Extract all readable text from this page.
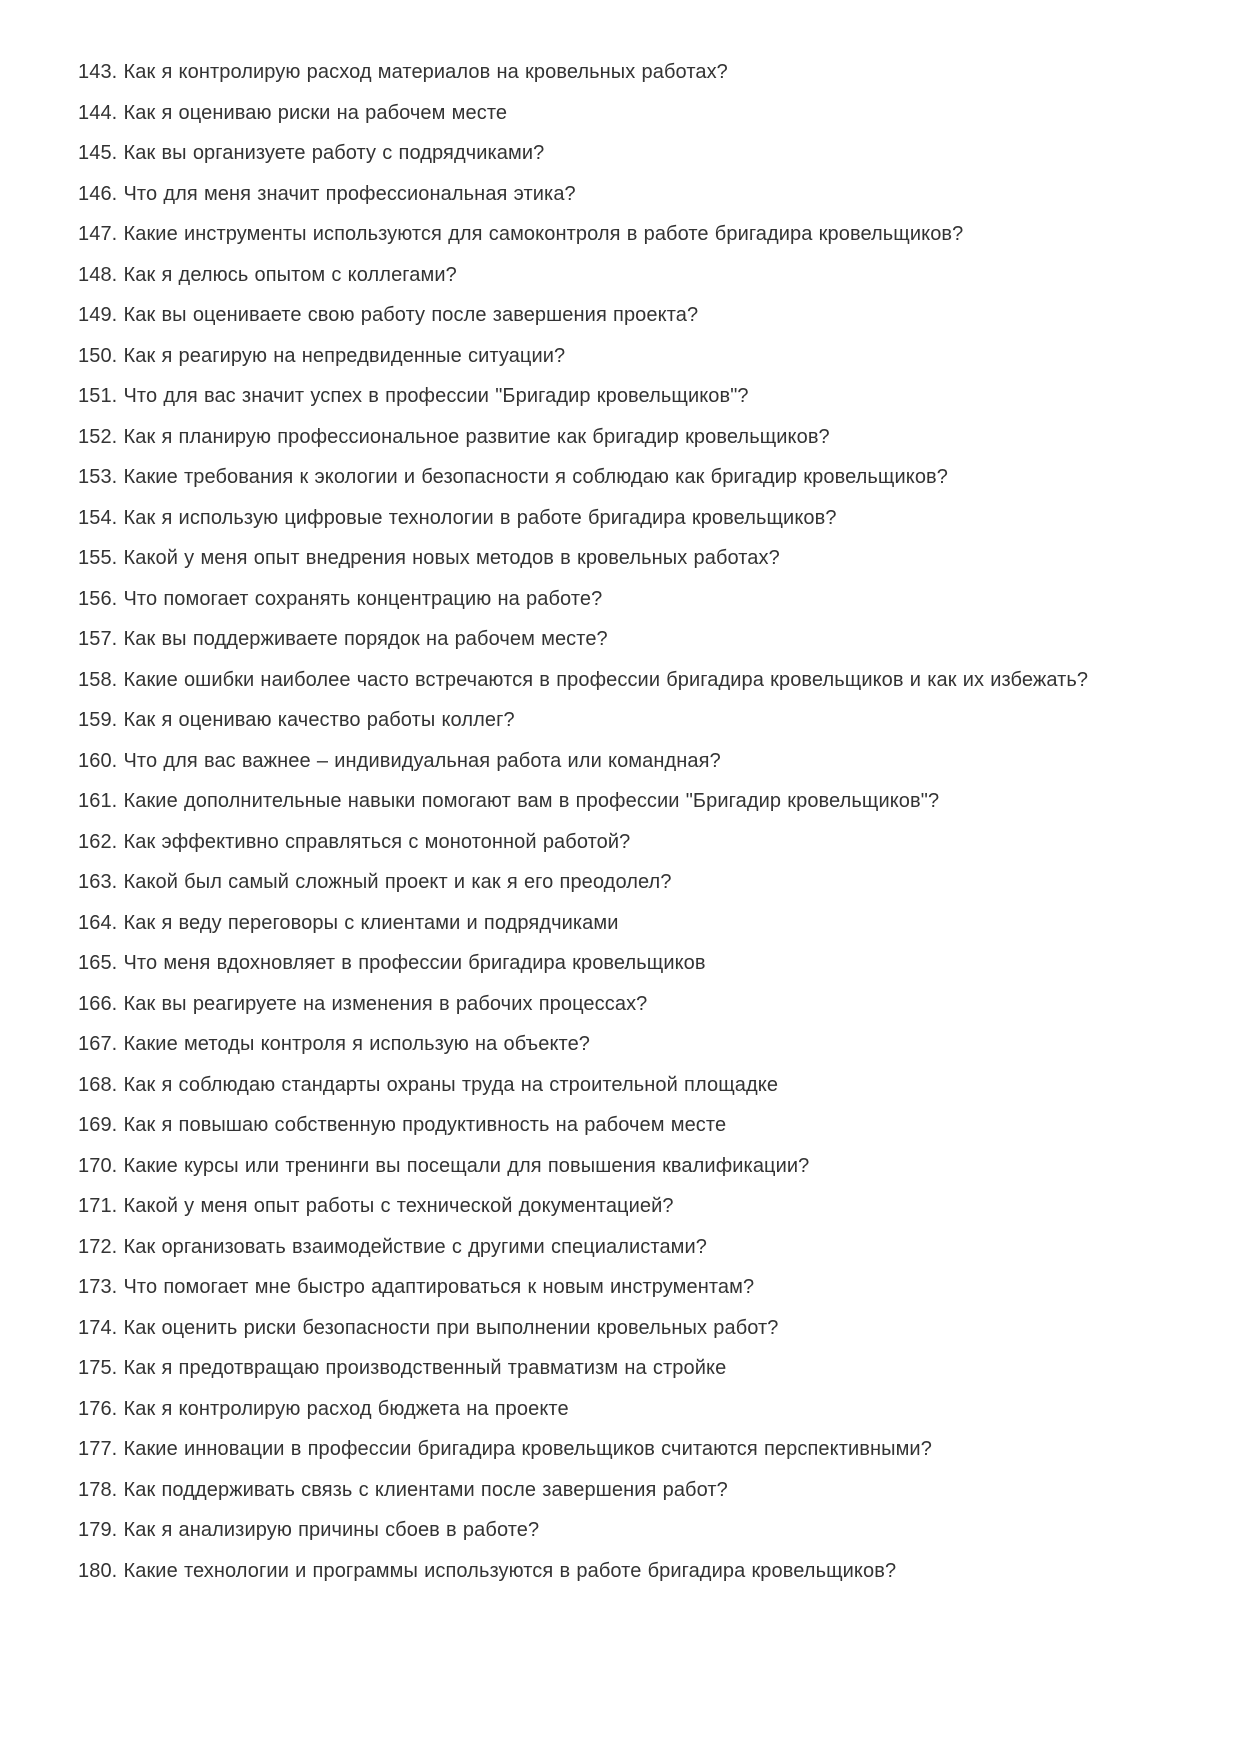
143. Как я контролирую расход материалов на кровельных работах?

144. Как я оцениваю риски на рабочем месте

145. Как вы организуете работу с подрядчиками?

146. Что для меня значит профессиональная этика?

147. Какие инструменты используются для самоконтроля в работе бригадира кровельщиков?

148. Как я делюсь опытом с коллегами?

149. Как вы оцениваете свою работу после завершения проекта?

150. Как я реагирую на непредвиденные ситуации?

151. Что для вас значит успех в профессии "Бригадир кровельщиков"?

152. Как я планирую профессиональное развитие как бригадир кровельщиков?

153. Какие требования к экологии и безопасности я соблюдаю как бригадир кровельщиков?

154. Как я использую цифровые технологии в работе бригадира кровельщиков?

155. Какой у меня опыт внедрения новых методов в кровельных работах?

156. Что помогает сохранять концентрацию на работе?

157. Как вы поддерживаете порядок на рабочем месте?

158. Какие ошибки наиболее часто встречаются в профессии бригадира кровельщиков и как их избежать?

159. Как я оцениваю качество работы коллег?

160. Что для вас важнее – индивидуальная работа или командная?

161. Какие дополнительные навыки помогают вам в профессии "Бригадир кровельщиков"?

162. Как эффективно справляться с монотонной работой?

163. Какой был самый сложный проект и как я его преодолел?

164. Как я веду переговоры с клиентами и подрядчиками

165. Что меня вдохновляет в профессии бригадира кровельщиков

166. Как вы реагируете на изменения в рабочих процессах?

167. Какие методы контроля я использую на объекте?

168. Как я соблюдаю стандарты охраны труда на строительной площадке

169. Как я повышаю собственную продуктивность на рабочем месте

170. Какие курсы или тренинги вы посещали для повышения квалификации?

171. Какой у меня опыт работы с технической документацией?

172. Как организовать взаимодействие с другими специалистами?

173. Что помогает мне быстро адаптироваться к новым инструментам?

174. Как оценить риски безопасности при выполнении кровельных работ?

175. Как я предотвращаю производственный травматизм на стройке

176. Как я контролирую расход бюджета на проекте

177. Какие инновации в профессии бригадира кровельщиков считаются перспективными?

178. Как поддерживать связь с клиентами после завершения работ?

179. Как я анализирую причины сбоев в работе?

180. Какие технологии и программы используются в работе бригадира кровельщиков?
